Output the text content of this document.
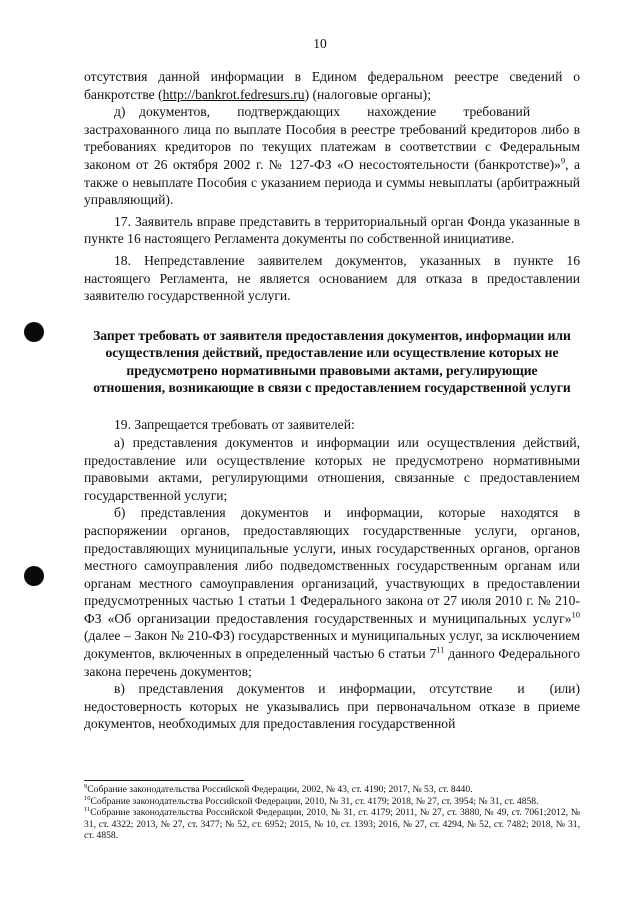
10

отсутствия данной информации в Едином федеральном реестре сведений о банкротстве (http://bankrot.fedresurs.ru) (налоговые органы);

д)  документов,    подтверждающих    нахождение    требований застрахованного лица по выплате Пособия в реестре требований кредиторов либо в требованиях кредиторов по текущих платежам в соответствии с Федеральным законом от 26 октября 2002 г. № 127-ФЗ «О несостоятельности (банкротстве)»$^9$, а также о невыплате Пособия с указанием периода и суммы невыплаты (арбитражный управляющий).

17. Заявитель вправе представить в территориальный орган Фонда указанные в пункте 16 настоящего Регламента документы по собственной инициативе.

18. Непредставление заявителем документов, указанных в пункте 16 настоящего Регламента, не является основанием для отказа в предоставлении заявителю государственной услуги.

Запрет требовать от заявителя предоставления документов, информации или осуществления действий, предоставление или осуществление которых не предусмотрено нормативными правовыми актами, регулирующие отношения, возникающие в связи с предоставлением государственной услуги

19. Запрещается требовать от заявителей:

а) представления документов и информации или осуществления действий, предоставление или осуществление которых не предусмотрено нормативными правовыми актами, регулирующими отношения, связанные с предоставлением государственной услуги;

б) представления документов и информации, которые находятся в распоряжении органов, предоставляющих государственные услуги, органов, предоставляющих муниципальные услуги, иных государственных органов, органов местного самоуправления либо подведомственных государственным органам или органам местного самоуправления организаций, участвующих в предоставлении предусмотренных частью 1 статьи 1 Федерального закона от 27 июля 2010 г. № 210-ФЗ «Об организации предоставления государственных и муниципальных услуг»$^{10}$ (далее – Закон № 210-ФЗ) государственных и муниципальных услуг, за исключением документов, включенных в определенный частью 6 статьи $7^{11}$ данного Федерального закона перечень документов;

в)  представления  документов  и  информации,  отсутствие и (или) недостоверность которых не указывались при первоначальном отказе в приеме документов, необходимых для предоставления государственной

$^9$Собрание законодательства Российской Федерации, 2002, № 43, ст. 4190; 2017, № 53, ст. 8440.

$^{10}$Собрание законодательства Российской Федерации, 2010, № 31, ст. 4179; 2018, № 27, ст. 3954; № 31, ст. 4858.

$^{11}$Собрание законодательства Российской Федерации, 2010, № 31, ст. 4179; 2011, № 27, ст. 3880, № 49, ст. 7061;2012, № 31, ст. 4322; 2013, № 27, ст. 3477; № 52, ст. 6952; 2015, № 10, ст. 1393; 2016, № 27, ст. 4294, № 52, ст. 7482; 2018, № 31, ст. 4858.
